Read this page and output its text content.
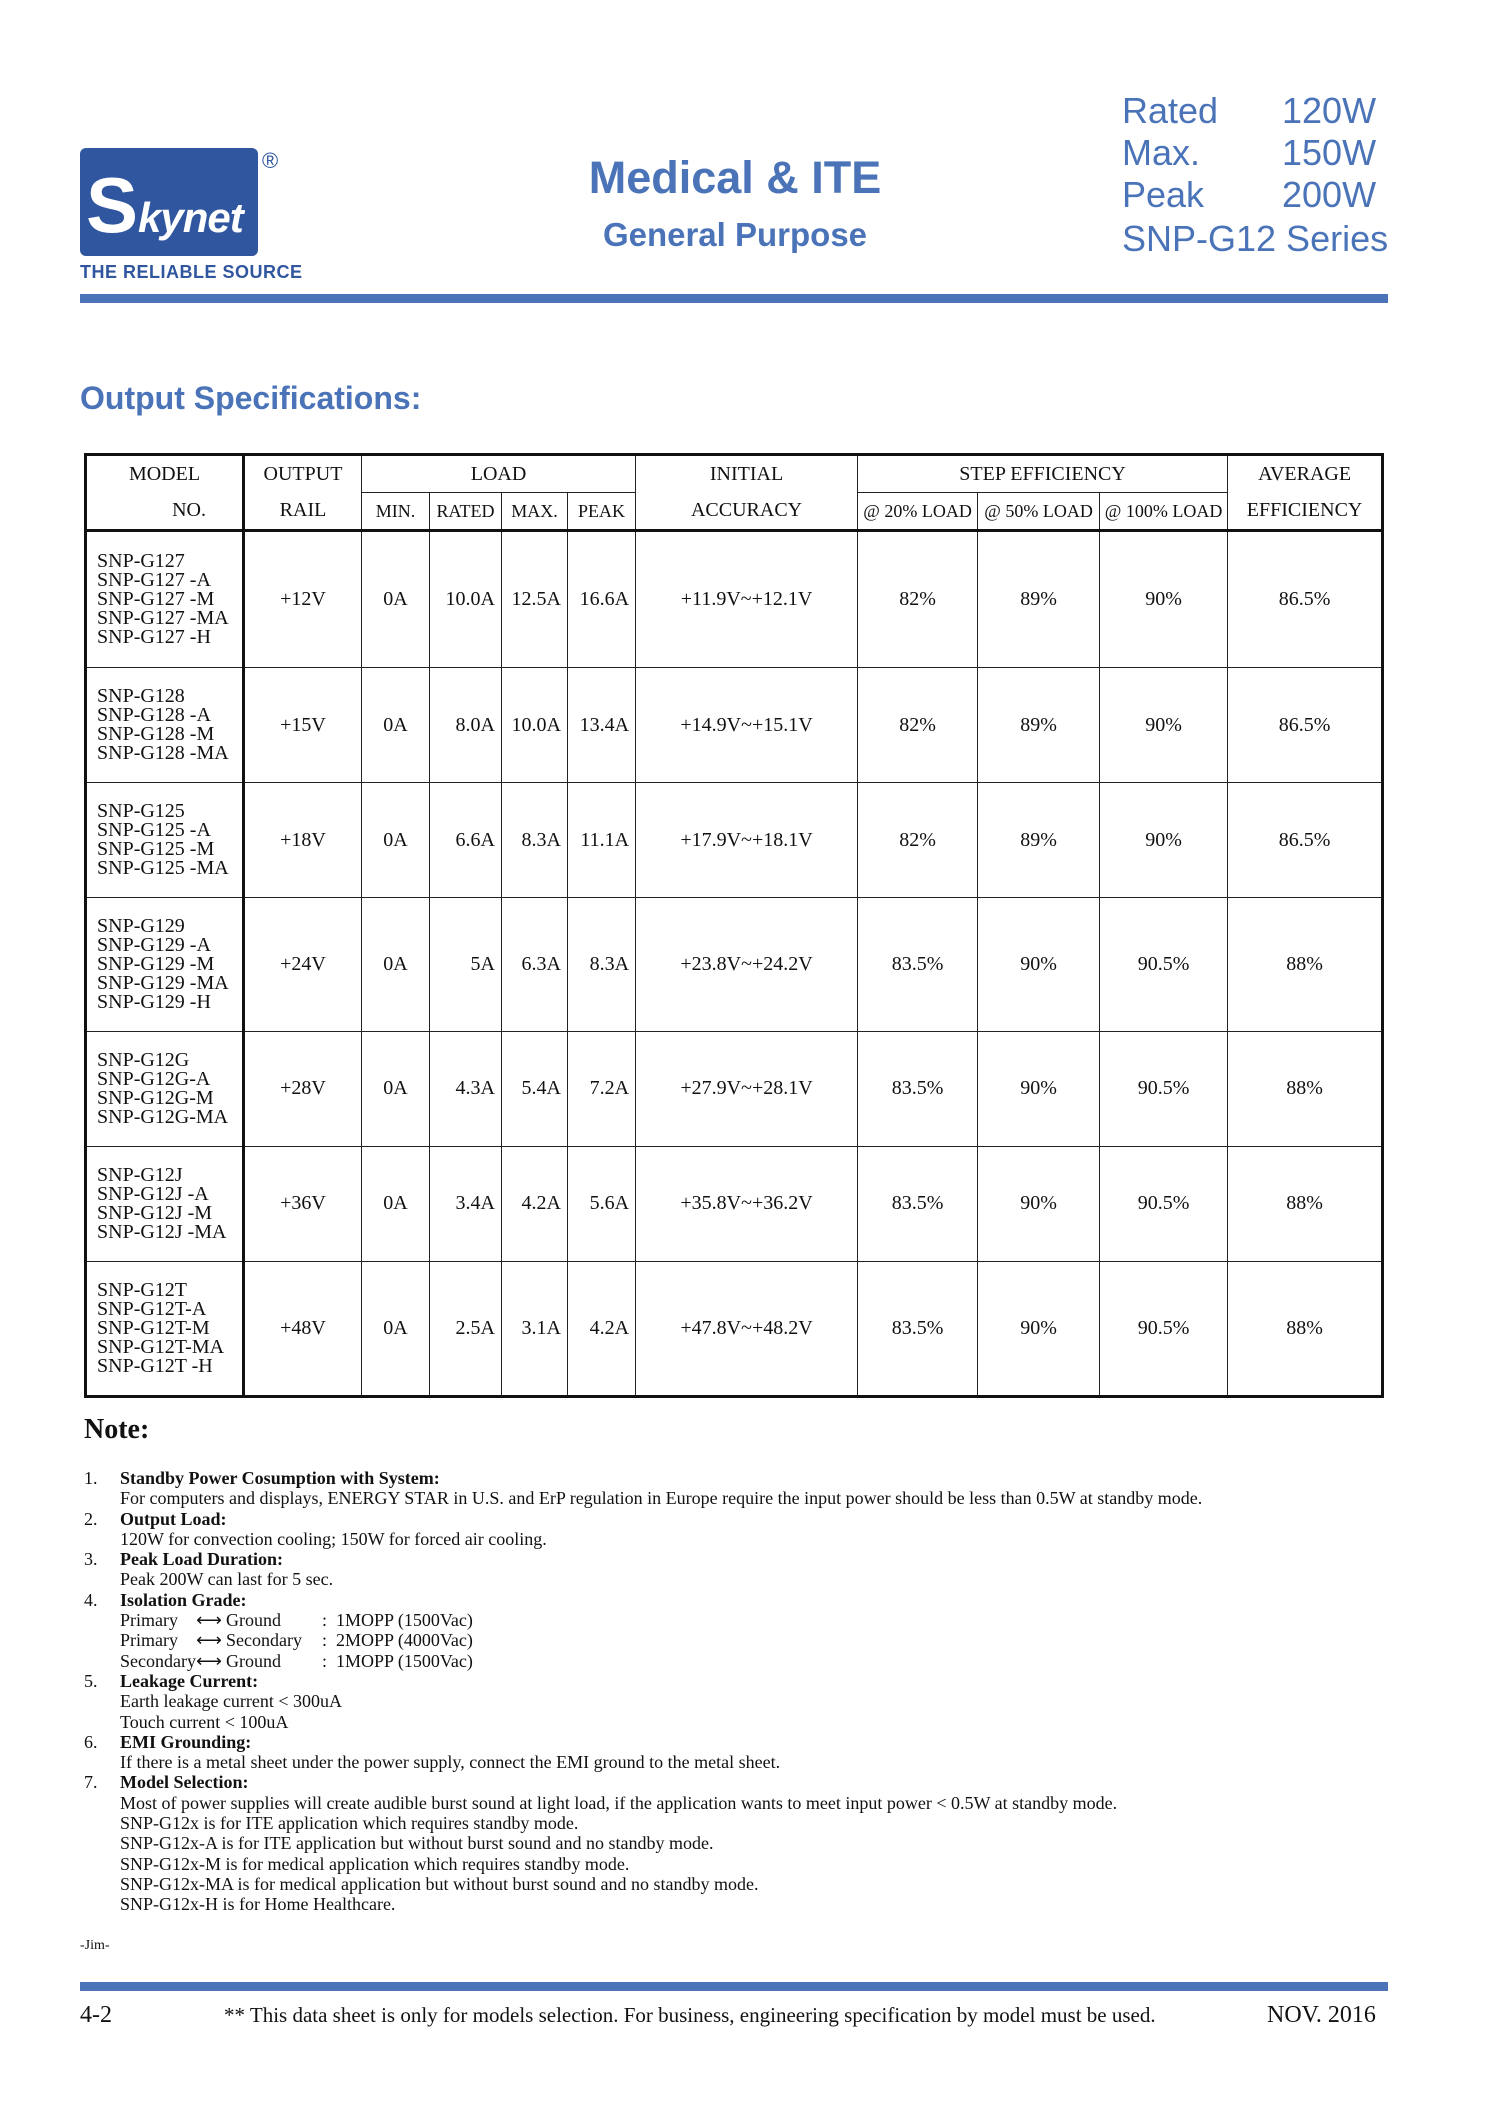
S kynet
®
THE RELIABLE SOURCE
Medical & ITE
General Purpose
Rated 120W
Max. 150W
Peak 200W
SNP-G12 Series
Output Specifications:
MODEL	OUTPUT	LOAD				INITIAL	STEP EFFICIENCY			AVERAGE
NO.	RAIL	MIN.	RATED	MAX.	PEAK	ACCURACY	@ 20% LOAD	@ 50% LOAD	@ 100% LOAD	EFFICIENCY

SNP-G127
SNP-G127 -A
SNP-G127 -M
SNP-G127 -MA
SNP-G127 -H	+12V	0A	10.0A	12.5A	16.6A	+11.9V~+12.1V	82%	89%	90%	86.5%

SNP-G128
SNP-G128 -A
SNP-G128 -M
SNP-G128 -MA	+15V	0A	8.0A	10.0A	13.4A	+14.9V~+15.1V	82%	89%	90%	86.5%

SNP-G125
SNP-G125 -A
SNP-G125 -M
SNP-G125 -MA	+18V	0A	6.6A	8.3A	11.1A	+17.9V~+18.1V	82%	89%	90%	86.5%

SNP-G129
SNP-G129 -A
SNP-G129 -M
SNP-G129 -MA
SNP-G129 -H	+24V	0A	5A	6.3A	8.3A	+23.8V~+24.2V	83.5%	90%	90.5%	88%

SNP-G12G
SNP-G12G-A
SNP-G12G-M
SNP-G12G-MA	+28V	0A	4.3A	5.4A	7.2A	+27.9V~+28.1V	83.5%	90%	90.5%	88%

SNP-G12J
SNP-G12J -A
SNP-G12J -M
SNP-G12J -MA	+36V	0A	3.4A	4.2A	5.6A	+35.8V~+36.2V	83.5%	90%	90.5%	88%

SNP-G12T
SNP-G12T-A
SNP-G12T-M
SNP-G12T-MA
SNP-G12T -H	+48V	0A	2.5A	3.1A	4.2A	+47.8V~+48.2V	83.5%	90%	90.5%	88%
Note:
1. Standby Power Cosumption with System:
For computers and displays, ENERGY STAR in U.S. and ErP regulation in Europe require the input power should be less than 0.5W at standby mode.
2. Output Load:
120W for convection cooling; 150W for forced air cooling.
3. Peak Load Duration:
Peak 200W can last for 5 sec.
4. Isolation Grade:
Primary	⟷ Ground	: 1MOPP (1500Vac)
Primary	⟷ Secondary	: 2MOPP (4000Vac)
Secondary ⟷ Ground	: 1MOPP (1500Vac)
5. Leakage Current:
Earth leakage current < 300uA
Touch current < 100uA
6. EMI Grounding:
If there is a metal sheet under the power supply, connect the EMI ground to the metal sheet.
7. Model Selection:
Most of power supplies will create audible burst sound at light load, if the application wants to meet input power < 0.5W at standby mode.
SNP-G12x is for ITE application which requires standby mode.
SNP-G12x-A is for ITE application but without burst sound and no standby mode.
SNP-G12x-M is for medical application which requires standby mode.
SNP-G12x-MA is for medical application but without burst sound and no standby mode.
SNP-G12x-H is for Home Healthcare.
-Jim-
4-2	** This data sheet is only for models selection. For business, engineering specification by model must be used.	NOV. 2016
